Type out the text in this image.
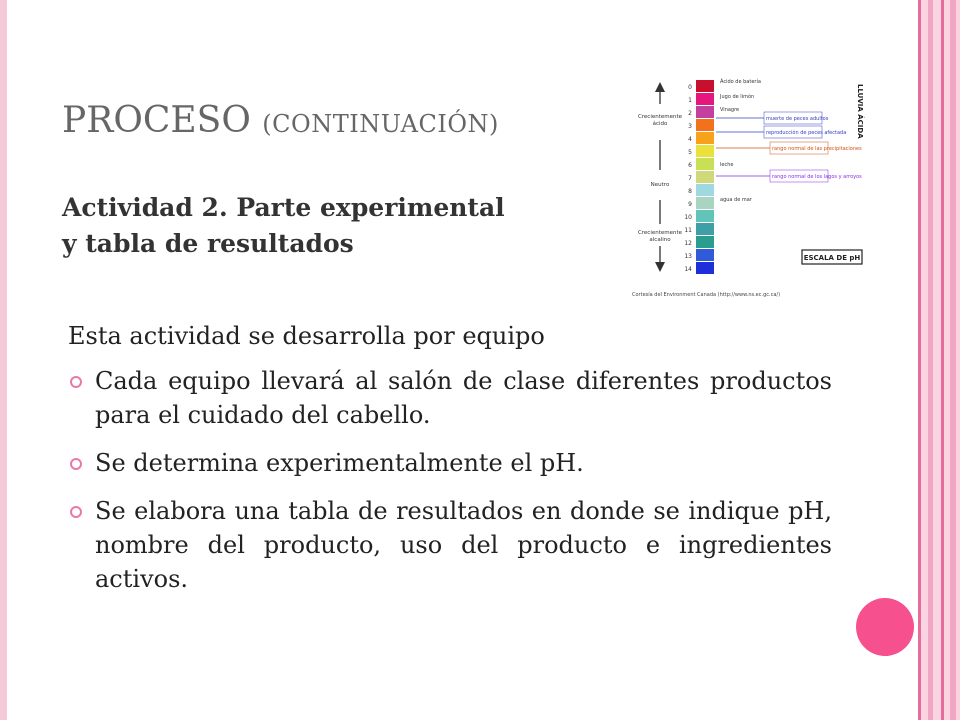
PROCESO (CONTINUACIÓN)
Actividad 2. Parte experimental
y tabla de resultados
Esta actividad se desarrolla por equipo
Cada equipo llevará al salón de clase diferentes productos para el cuidado del cabello.
Se determina experimentalmente el pH.
Se elabora una tabla de resultados en donde se indique pH, nombre del producto, uso del producto e ingredientes activos.
0
1
2
3
4
5
6
7
8
9
10
11
12
13
14
Crecientemente ácido
Neutro
Crecientemente alcalino
Ácido de batería
Jugo de limón
Vinagre
muerte de peces adultos
reproducción de peces afectada
rango normal de las precipitaciones
leche
rango normal de los lagos y arroyos
agua de mar
LLUVIA ÁCIDA
ESCALA DE pH
Cortesía del Environment Canada (http://www.ns.ec.gc.ca/)
